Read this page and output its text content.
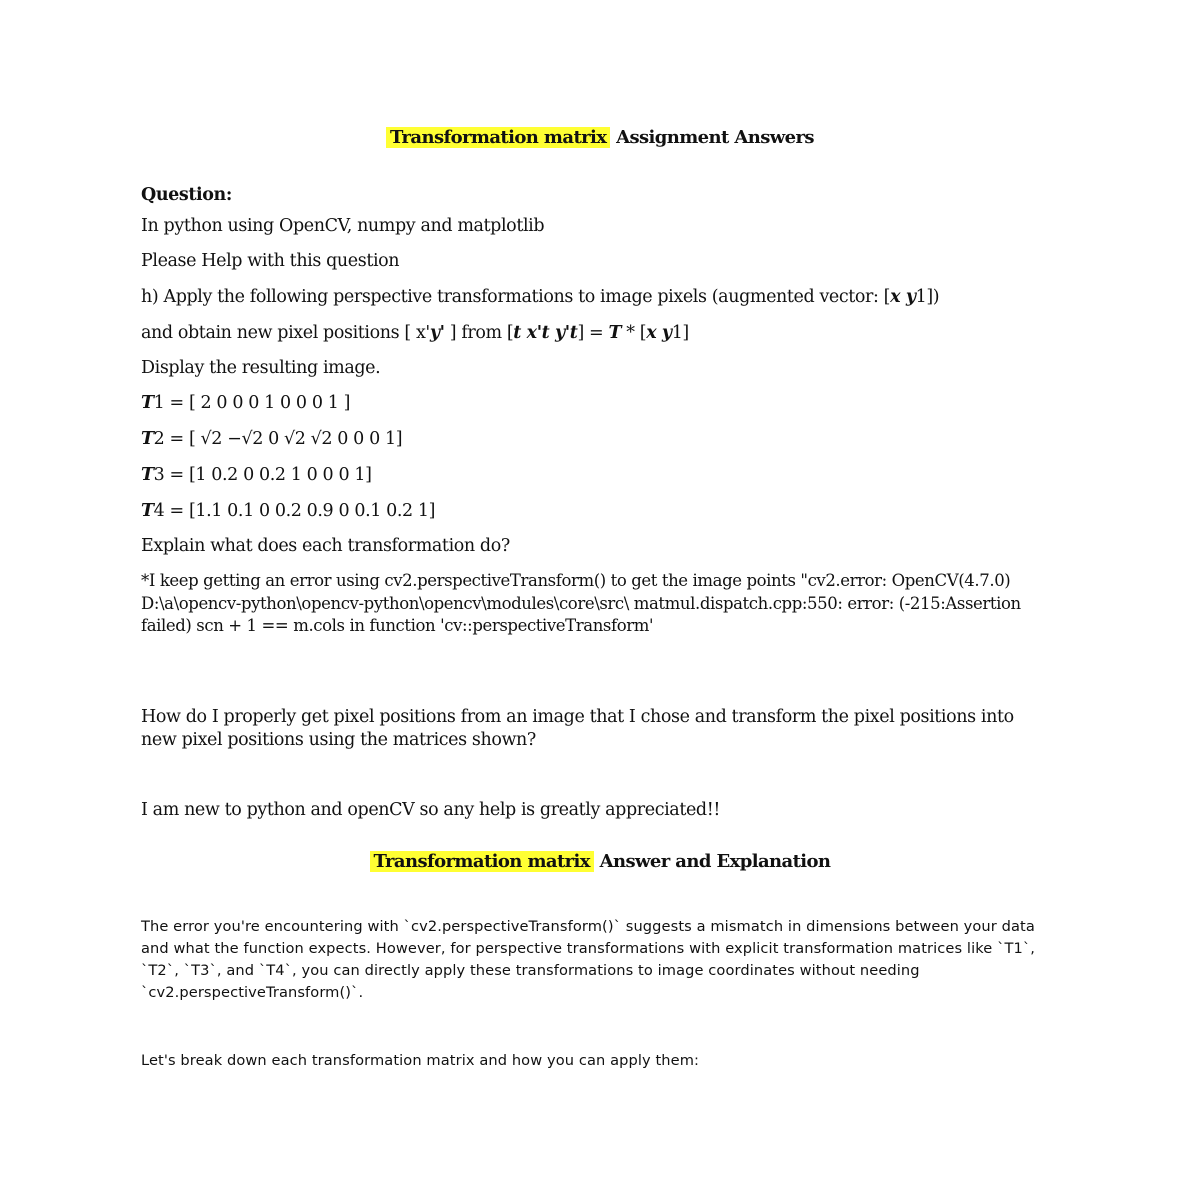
Transformation matrix Assignment Answers
Question:
In python using OpenCV, numpy and matplotlib
Please Help with this question
h) Apply the following perspective transformations to image pixels (augmented vector: [x y1])
and obtain new pixel positions [ x'y' ] from [t x't y't] = T * [x y1]
Display the resulting image.
T1 = [ 2 0 0 0 1 0 0 0 1 ]
T2 = [ √2 −√2 0 √2 √2 0 0 0 1]
T3 = [1 0.2 0 0.2 1 0 0 0 1]
T4 = [1.1 0.1 0 0.2 0.9 0 0.1 0.2 1]
Explain what does each transformation do?
*I keep getting an error using cv2.perspectiveTransform() to get the image points "cv2.error: OpenCV(4.7.0) D:\a\opencv-python\opencv-python\opencv\modules\core\src\ matmul.dispatch.cpp:550: error: (-215:Assertion failed) scn + 1 == m.cols in function 'cv::perspectiveTransform'
How do I properly get pixel positions from an image that I chose and transform the pixel positions into new pixel positions using the matrices shown?
I am new to python and openCV so any help is greatly appreciated!!
Transformation matrix Answer and Explanation
The error you're encountering with `cv2.perspectiveTransform()` suggests a mismatch in dimensions between your data and what the function expects. However, for perspective transformations with explicit transformation matrices like `T1`, `T2`, `T3`, and `T4`, you can directly apply these transformations to image coordinates without needing `cv2.perspectiveTransform()`.
Let's break down each transformation matrix and how you can apply them:
